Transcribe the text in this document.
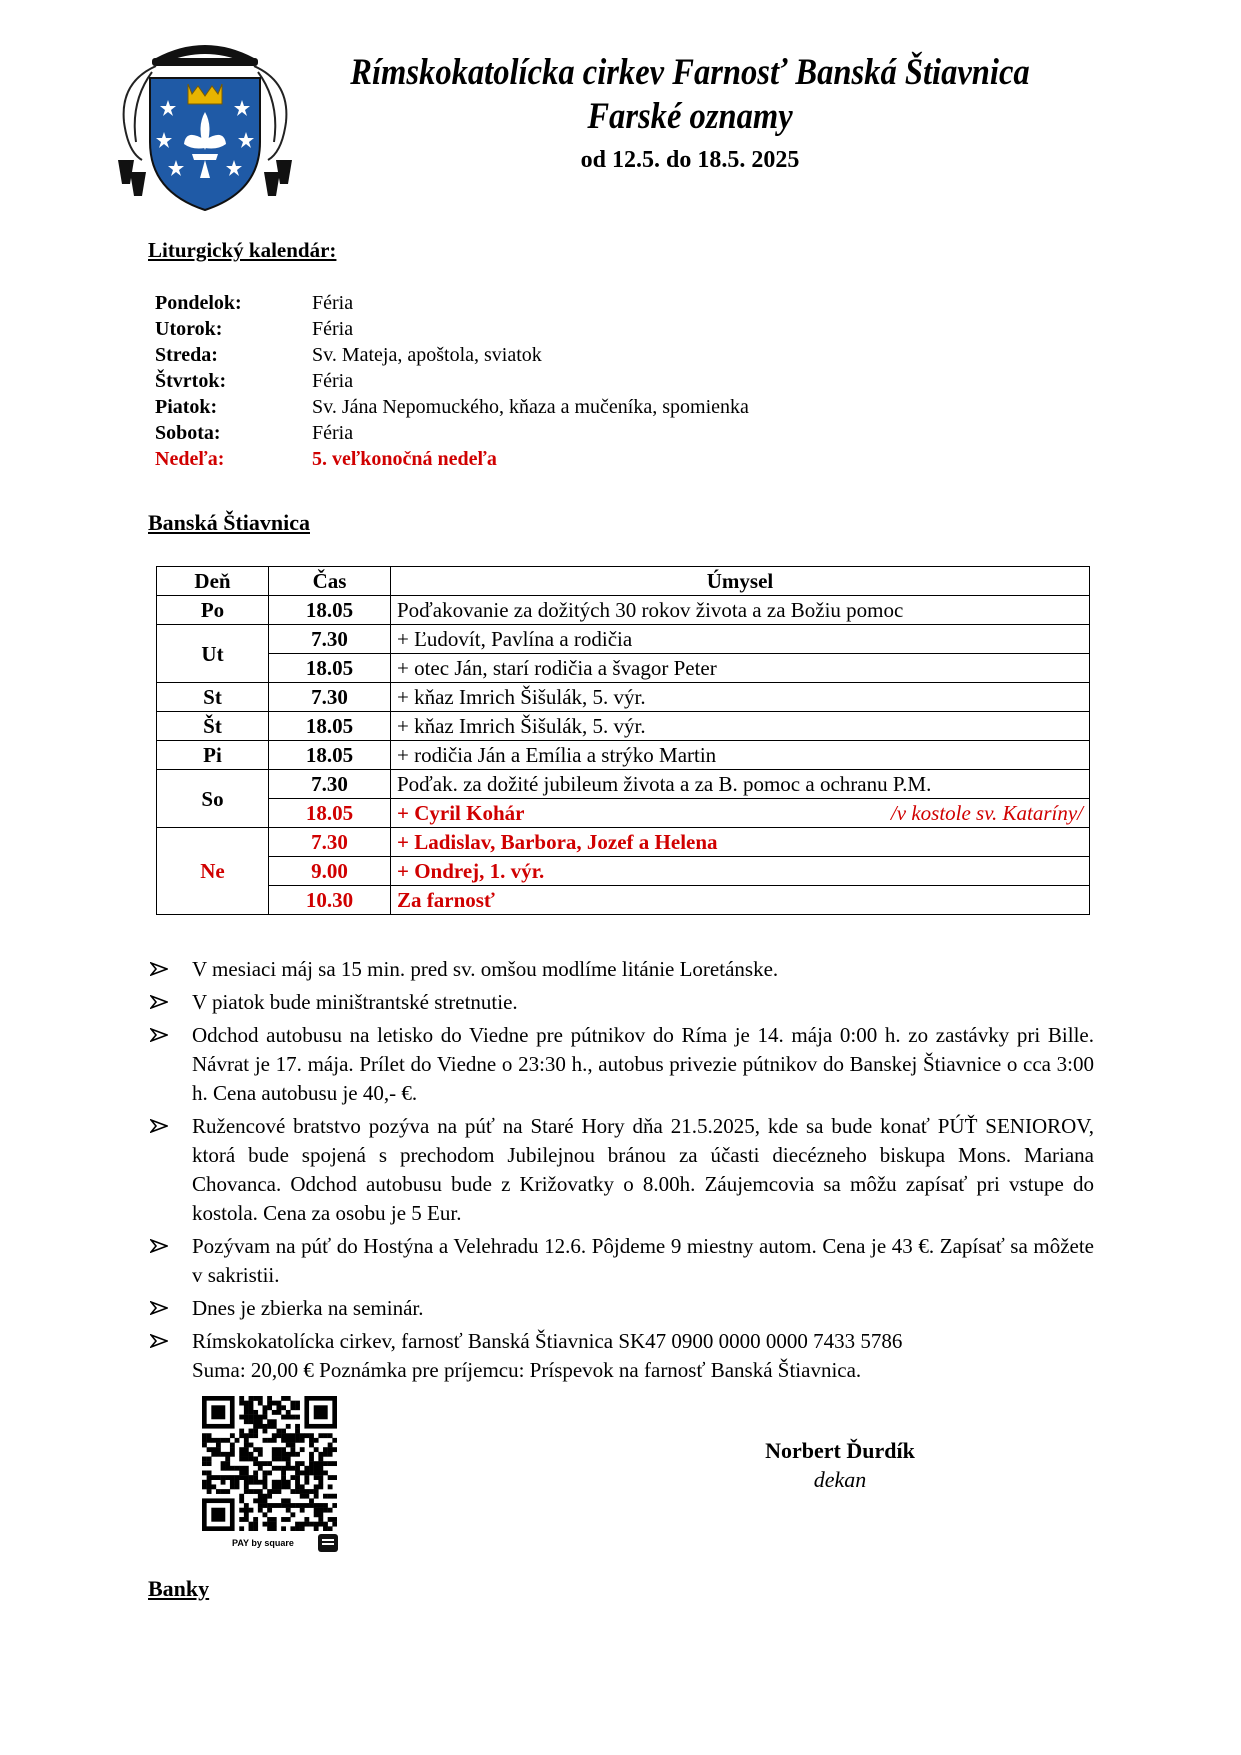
Rímskokatolícka cirkev Farnosť Banská Štiavnica
Farské oznamy
od 12.5. do 18.5. 2025
Liturgický kalendár:
Pondelok:	Féria
Utorok:	Féria
Streda:	Sv. Mateja, apoštola, sviatok
Štvrtok:	Féria
Piatok:	Sv. Jána Nepomuckého, kňaza a mučeníka, spomienka
Sobota:	Féria
Nedeľa:	5. veľkonočná nedeľa
Banská Štiavnica
Deň	Čas	Úmysel
Po	18.05	Poďakovanie za dožitých 30 rokov života a za Božiu pomoc
Ut	7.30	+ Ľudovít, Pavlína a rodičia
	18.05	+ otec Ján, starí rodičia a švagor Peter
St	7.30	+ kňaz Imrich Šišulák, 5. výr.
Št	18.05	+ kňaz Imrich Šišulák, 5. výr.
Pi	18.05	+ rodičia Ján a Emília a strýko Martin
So	7.30	Poďak. za dožité jubileum života a za B. pomoc a ochranu P.M.
	18.05	+ Cyril Kohár /v kostole sv. Kataríny/

Ne	7.30	+ Ladislav, Barbora, Jozef a Helena
	9.00	+ Ondrej, 1. výr.
	10.30	Za farnosť
V mesiaci máj sa 15 min. pred sv. omšou modlíme litánie Loretánske.
V piatok bude miništrantské stretnutie.
Odchod autobusu na letisko do Viedne pre pútnikov do Ríma je 14. mája 0:00 h. zo zastávky pri Bille. Návrat je 17. mája. Prílet do Viedne o 23:30 h., autobus privezie pútnikov do Banskej Štiavnice o cca 3:00 h. Cena autobusu je 40,- €.
Ružencové bratstvo pozýva na púť na Staré Hory dňa 21.5.2025, kde sa bude konať PÚŤ SENIOROV, ktorá bude spojená s prechodom Jubilejnou bránou za účasti diecézneho biskupa Mons. Mariana Chovanca. Odchod autobusu bude z Križovatky o 8.00h. Záujemcovia sa môžu zapísať pri vstupe do kostola. Cena za osobu je 5 Eur.
Pozývam na púť do Hostýna a Velehradu 12.6. Pôjdeme 9 miestny autom. Cena je 43 €. Zapísať sa môžete v sakristii.
Dnes je zbierka na seminár.
Rímskokatolícka cirkev, farnosť Banská Štiavnica SK47 0900 0000 0000 7433 5786
Suma: 20,00 € Poznámka pre príjemcu: Príspevok na farnosť Banská Štiavnica.
PAY by square
Norbert Ďurdík
dekan
Banky
